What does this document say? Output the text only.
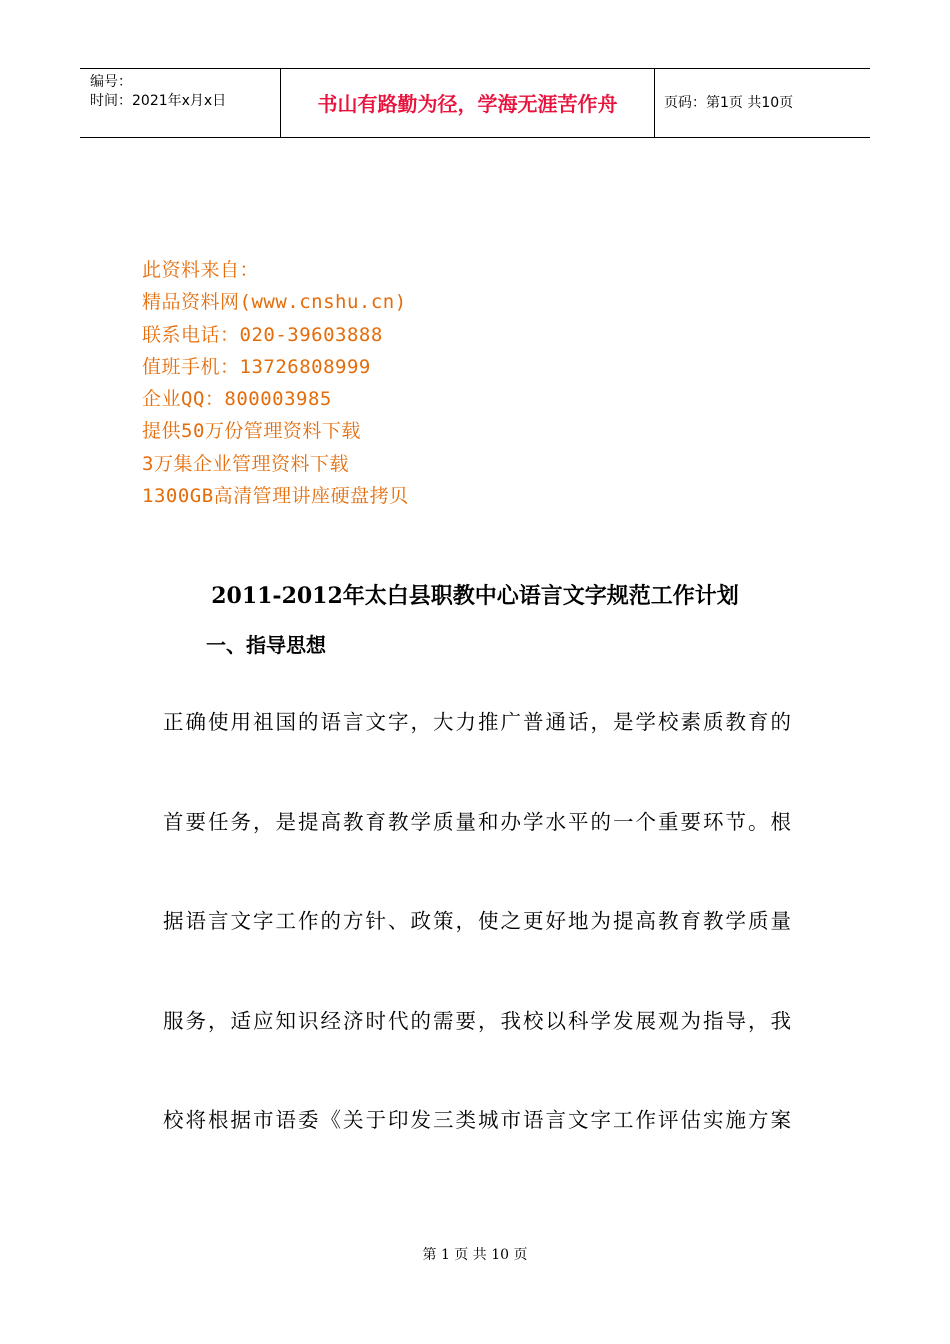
编号：
时间：2021年x月x日	书山有路勤为径，学海无涯苦作舟	页码：第1页 共10页
此资料来自：
精品资料网(www.cnshu.cn)
联系电话：020-39603888
值班手机：13726808999
企业QQ：800003985
提供50万份管理资料下载
3万集企业管理资料下载
1300GB高清管理讲座硬盘拷贝
2011-2012年太白县职教中心语言文字规范工作计划
一、指导思想
正确使用祖国的语言文字，大力推广普通话，是学校素质教育的
首要任务，是提高教育教学质量和办学水平的一个重要环节。根
据语言文字工作的方针、政策，使之更好地为提高教育教学质量
服务，适应知识经济时代的需要，我校以科学发展观为指导，我
校将根据市语委《关于印发三类城市语言文字工作评估实施方案
第 1 页 共 10 页
